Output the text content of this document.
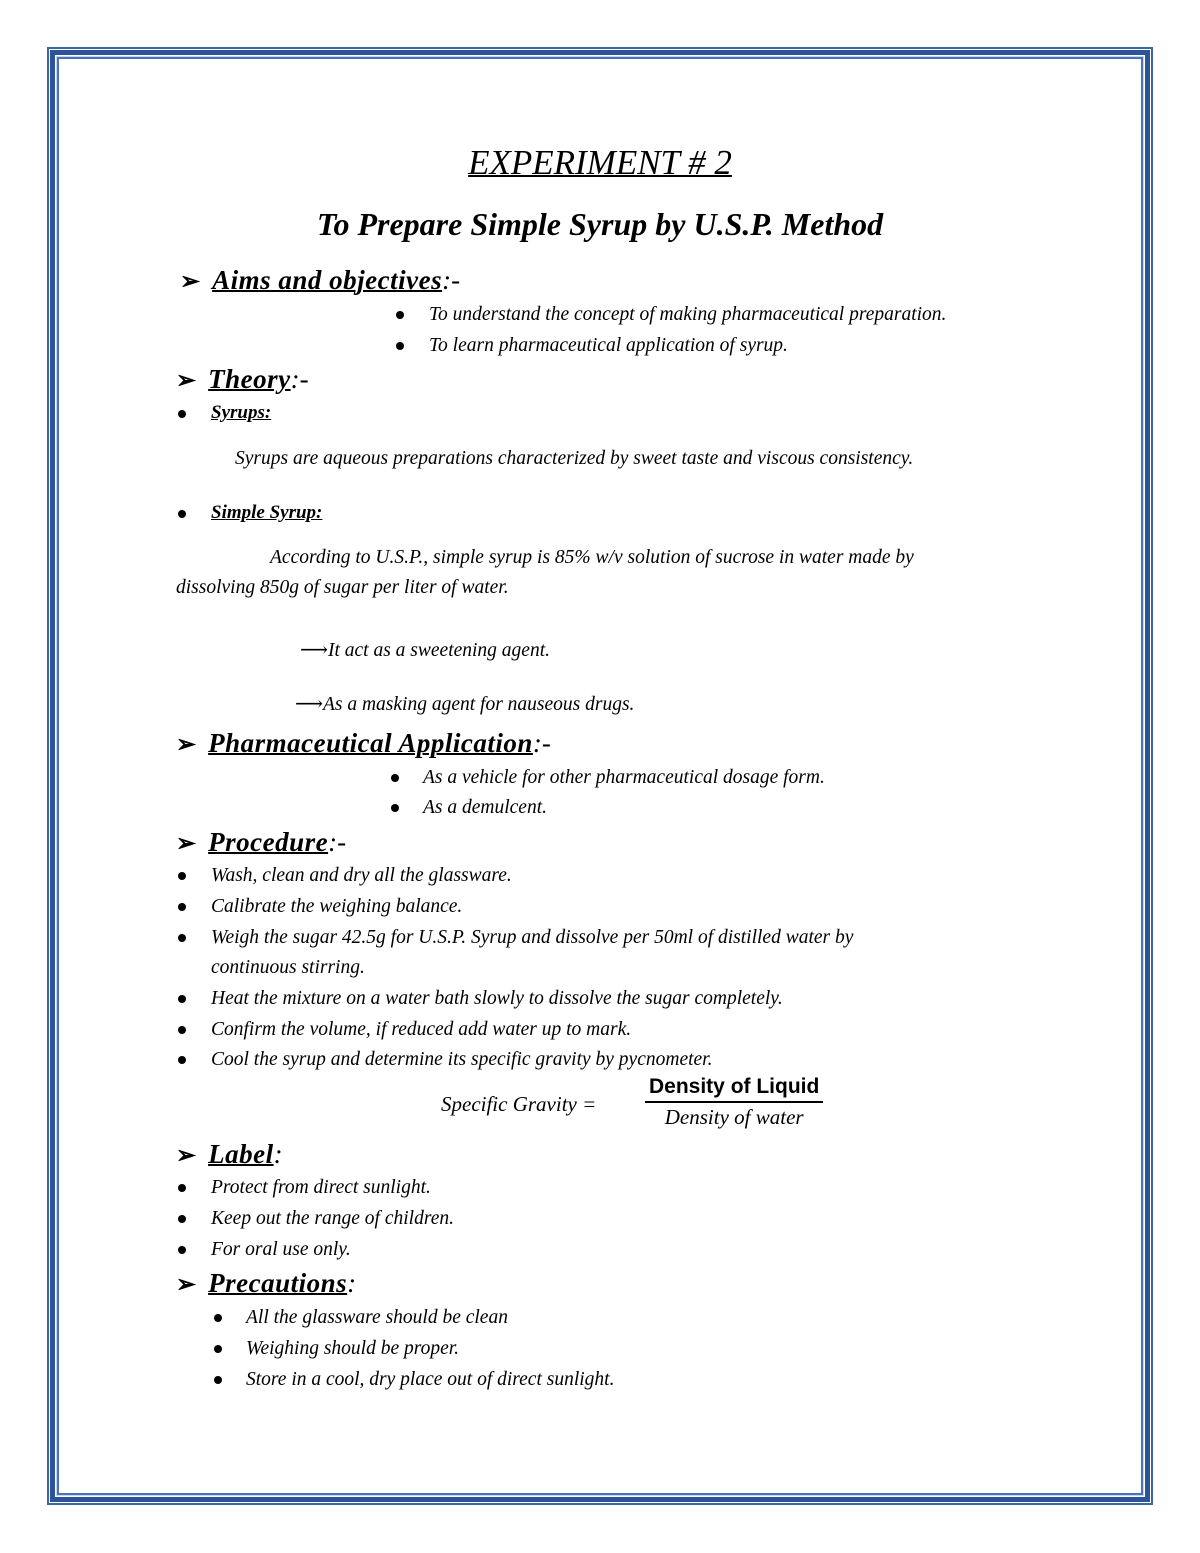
EXPERIMENT # 2
To Prepare Simple Syrup by U.S.P. Method
➢ Aims and objectives:-
To understand the concept of making pharmaceutical preparation.
To learn pharmaceutical application of syrup.
➢ Theory:-
Syrups:
Syrups are aqueous preparations characterized by sweet taste and viscous consistency.
Simple Syrup:
According to U.S.P., simple syrup is 85% w/v solution of sucrose in water made by
dissolving 850g of sugar per liter of water.
⟶It act as a sweetening agent.
⟶As a masking agent for nauseous drugs.
➢ Pharmaceutical Application:-
As a vehicle for other pharmaceutical dosage form.
As a demulcent.
➢ Procedure:-
Wash, clean and dry all the glassware.
Calibrate the weighing balance.
Weigh the sugar 42.5g for U.S.P. Syrup and dissolve per 50ml of distilled water by
continuous stirring.
Heat the mixture on a water bath slowly to dissolve the sugar completely.
Confirm the volume, if reduced add water up to mark.
Cool the syrup and determine its specific gravity by pycnometer.
Specific Gravity =
Density of Liquid
Density of water
➢ Label:
Protect from direct sunlight.
Keep out the range of children.
For oral use only.
➢ Precautions:
All the glassware should be clean
Weighing should be proper.
Store in a cool, dry place out of direct sunlight.
